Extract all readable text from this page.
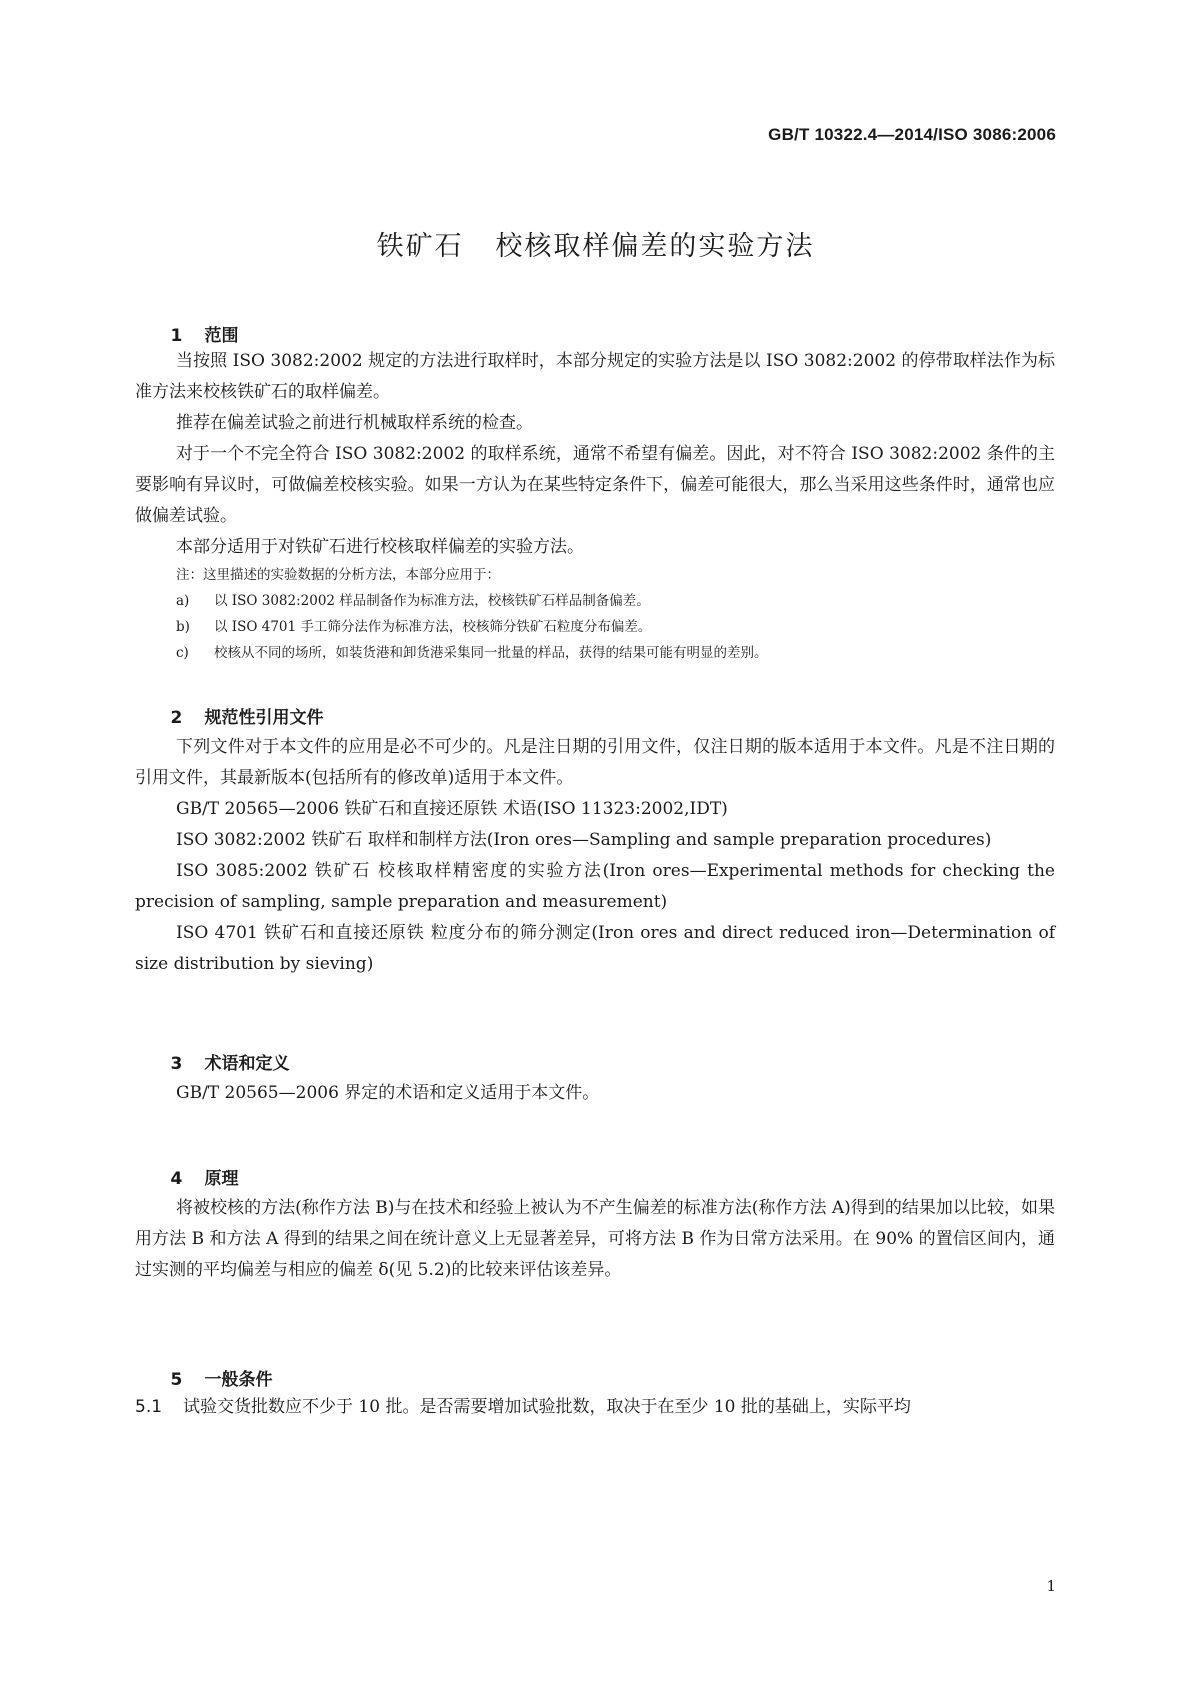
GB/T 10322.4—2014/ISO 3086:2006
铁矿石   校核取样偏差的实验方法

1 范围

当按照 ISO 3082:2002 规定的方法进行取样时，本部分规定的实验方法是以 ISO 3082:2002 的停带取样法作为标准方法来校核铁矿石的取样偏差。

推荐在偏差试验之前进行机械取样系统的检查。

对于一个不完全符合 ISO 3082:2002 的取样系统，通常不希望有偏差。因此，对不符合 ISO 3082:2002 条件的主要影响有异议时，可做偏差校核实验。如果一方认为在某些特定条件下，偏差可能很大，那么当采用这些条件时，通常也应做偏差试验。

本部分适用于对铁矿石进行校核取样偏差的实验方法。

注：这里描述的实验数据的分析方法，本部分应用于：

a) 以 ISO 3082:2002 样品制备作为标准方法，校核铁矿石样品制备偏差。

b) 以 ISO 4701 手工筛分法作为标准方法，校核筛分铁矿石粒度分布偏差。

c) 校核从不同的场所，如装货港和卸货港采集同一批量的样品，获得的结果可能有明显的差别。

2 规范性引用文件

下列文件对于本文件的应用是必不可少的。凡是注日期的引用文件，仅注日期的版本适用于本文件。凡是不注日期的引用文件，其最新版本(包括所有的修改单)适用于本文件。

GB/T 20565—2006 铁矿石和直接还原铁 术语(ISO 11323:2002,IDT)

ISO 3082:2002 铁矿石 取样和制样方法(Iron ores—Sampling and sample preparation procedures)

ISO 3085:2002 铁矿石 校核取样精密度的实验方法(Iron ores—Experimental methods for checking the precision of sampling, sample preparation and measurement)

ISO 4701 铁矿石和直接还原铁 粒度分布的筛分测定(Iron ores and direct reduced iron—Determination of size distribution by sieving)

3 术语和定义

GB/T 20565—2006 界定的术语和定义适用于本文件。

4 原理

将被校核的方法(称作方法 B)与在技术和经验上被认为不产生偏差的标准方法(称作方法 A)得到的结果加以比较，如果用方法 B 和方法 A 得到的结果之间在统计意义上无显著差异，可将方法 B 作为日常方法采用。在 90% 的置信区间内，通过实测的平均偏差与相应的偏差 δ(见 5.2)的比较来评估该差异。

5 一般条件

5.1 试验交货批数应不少于 10 批。是否需要增加试验批数，取决于在至少 10 批的基础上，实际平均

1
